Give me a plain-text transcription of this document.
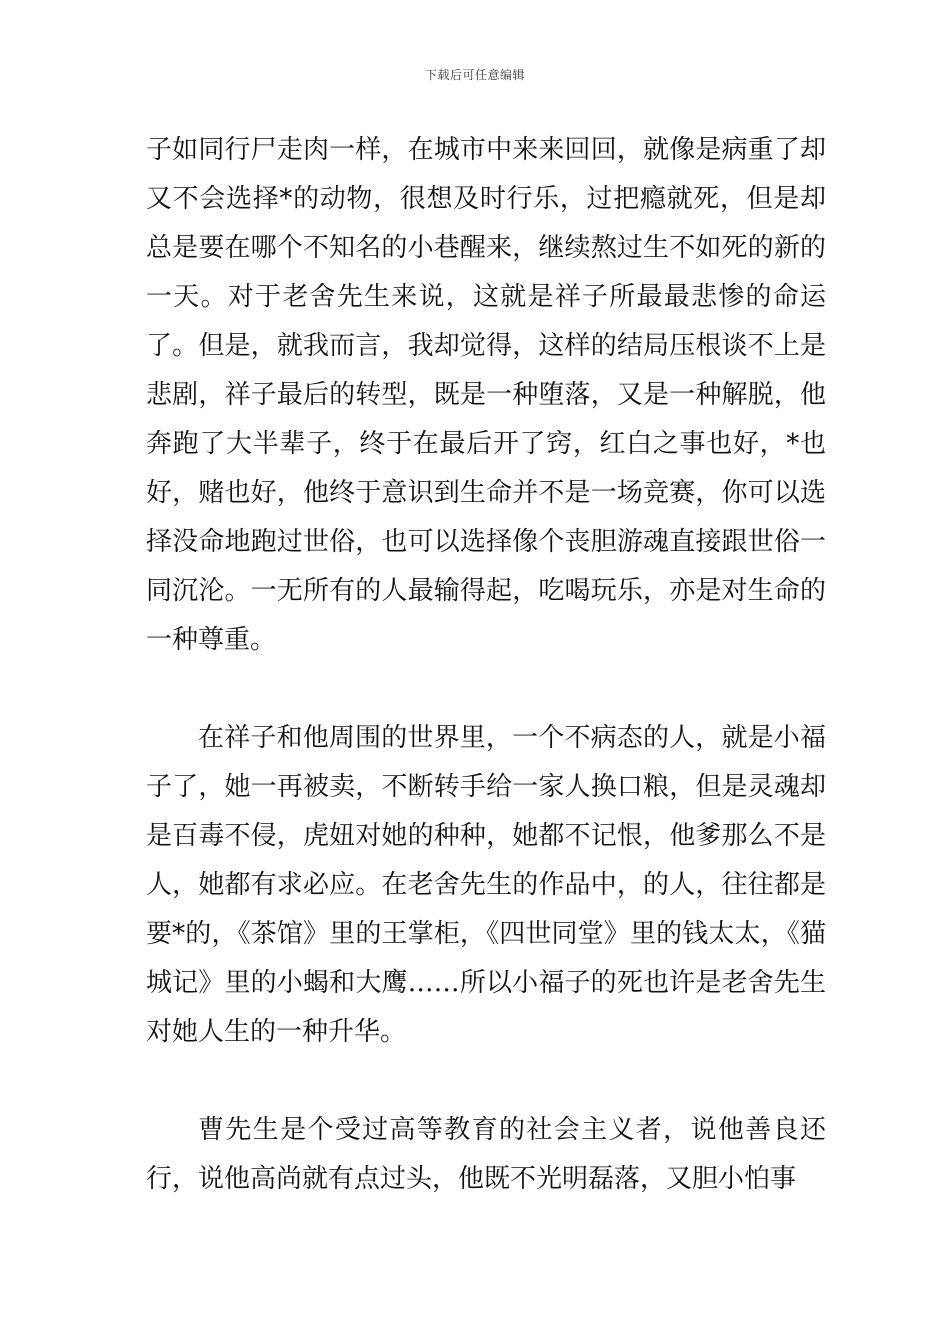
下载后可任意编辑

子如同行尸走肉一样，在城市中来来回回，就像是病重了却又不会选择*的动物，很想及时行乐，过把瘾就死，但是却总是要在哪个不知名的小巷醒来，继续熬过生不如死的新的一天。对于老舍先生来说，这就是祥子所最最悲惨的命运了。但是，就我而言，我却觉得，这样的结局压根谈不上是悲剧，祥子最后的转型，既是一种堕落，又是一种解脱，他奔跑了大半辈子，终于在最后开了窍，红白之事也好，*也好，赌也好，他终于意识到生命并不是一场竞赛，你可以选择没命地跑过世俗，也可以选择像个丧胆游魂直接跟世俗一同沉沦。一无所有的人最输得起，吃喝玩乐，亦是对生命的一种尊重。

在祥子和他周围的世界里，一个不病态的人，就是小福子了，她一再被卖，不断转手给一家人换口粮，但是灵魂却是百毒不侵，虎妞对她的种种，她都不记恨，他爹那么不是人，她都有求必应。在老舍先生的作品中，的人，往往都是要*的，《茶馆》里的王掌柜，《四世同堂》里的钱太太，《猫城记》里的小蝎和大鹰……所以小福子的死也许是老舍先生对她人生的一种升华。

曹先生是个受过高等教育的社会主义者，说他善良还行，说他高尚就有点过头，他既不光明磊落，又胆小怕事
